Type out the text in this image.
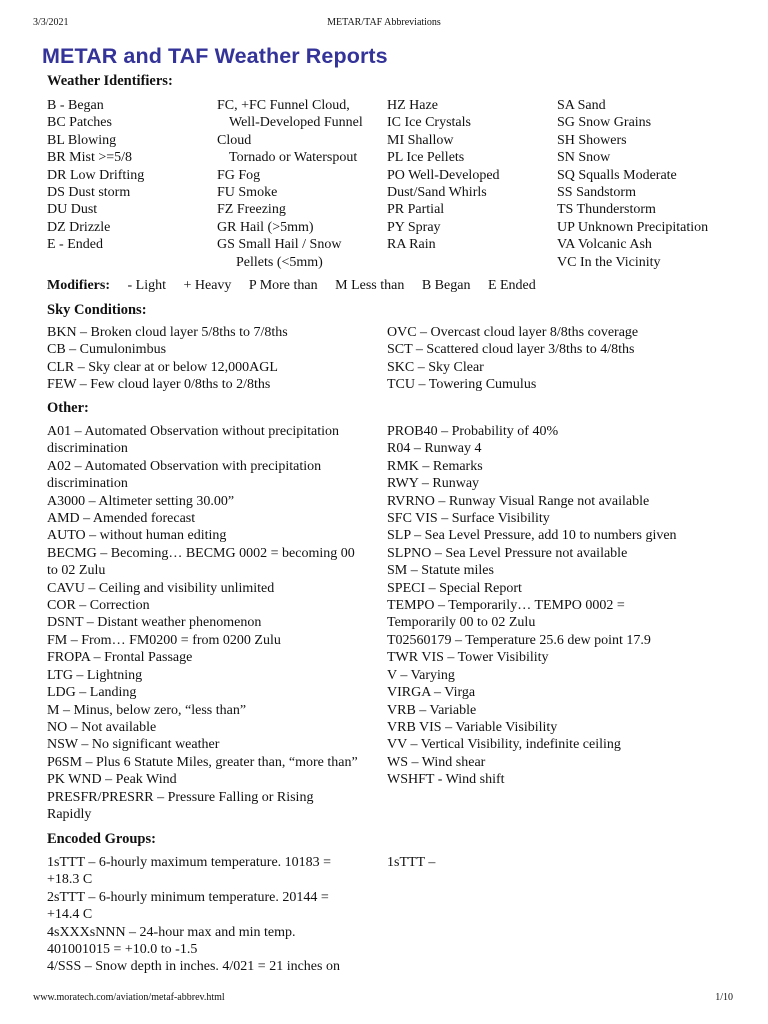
3/3/2021	METAR/TAF Abbreviations
METAR and TAF Weather Reports
Weather Identifiers:
B - Began
BC Patches
BL Blowing
BR Mist >=5/8
DR Low Drifting
DS Dust storm
DU Dust
DZ Drizzle
E - Ended
FC, +FC Funnel Cloud,
Well-Developed Funnel
Cloud
Tornado or Waterspout
FG Fog
FU Smoke
FZ Freezing
GR Hail (>5mm)
GS Small Hail / Snow
Pellets (<5mm)
HZ Haze
IC Ice Crystals
MI Shallow
PL Ice Pellets
PO Well-Developed
Dust/Sand Whirls
PR Partial
PY Spray
RA Rain
SA Sand
SG Snow Grains
SH Showers
SN Snow
SQ Squalls Moderate
SS Sandstorm
TS Thunderstorm
UP Unknown Precipitation
VA Volcanic Ash
VC In the Vicinity
Modifiers: - Light + Heavy P More than M Less than B Began E Ended
Sky Conditions:
BKN – Broken cloud layer 5/8ths to 7/8ths
CB – Cumulonimbus
CLR – Sky clear at or below 12,000AGL
FEW – Few cloud layer 0/8ths to 2/8ths
OVC – Overcast cloud layer 8/8ths coverage
SCT – Scattered cloud layer 3/8ths to 4/8ths
SKC – Sky Clear
TCU – Towering Cumulus
Other:
A01 – Automated Observation without precipitation
discrimination
A02 – Automated Observation with precipitation
discrimination
A3000 – Altimeter setting 30.00”
AMD – Amended forecast
AUTO – without human editing
BECMG – Becoming… BECMG 0002 = becoming 00
to 02 Zulu
CAVU – Ceiling and visibility unlimited
COR – Correction
DSNT – Distant weather phenomenon
FM – From… FM0200 = from 0200 Zulu
FROPA – Frontal Passage
LTG – Lightning
LDG – Landing
M – Minus, below zero, “less than”
NO – Not available
NSW – No significant weather
P6SM – Plus 6 Statute Miles, greater than, “more than”
PK WND – Peak Wind
PRESFR/PRESRR – Pressure Falling or Rising
Rapidly
PROB40 – Probability of 40%
R04 – Runway 4
RMK – Remarks
RWY – Runway
RVRNO – Runway Visual Range not available
SFC VIS – Surface Visibility
SLP – Sea Level Pressure, add 10 to numbers given
SLPNO – Sea Level Pressure not available
SM – Statute miles
SPECI – Special Report
TEMPO – Temporarily… TEMPO 0002 =
Temporarily 00 to 02 Zulu
T02560179 – Temperature 25.6 dew point 17.9
TWR VIS – Tower Visibility
V – Varying
VIRGA – Virga
VRB – Variable
VRB VIS – Variable Visibility
VV – Vertical Visibility, indefinite ceiling
WS – Wind shear
WSHFT - Wind shift
Encoded Groups:
1sTTT – 6-hourly maximum temperature. 10183 =
+18.3 C
2sTTT – 6-hourly minimum temperature. 20144 =
+14.4 C
4sXXXsNNN – 24-hour max and min temp.
401001015 = +10.0 to -1.5
4/SSS – Snow depth in inches. 4/021 = 21 inches on
1sTTT –
www.moratech.com/aviation/metaf-abbrev.html	1/10
